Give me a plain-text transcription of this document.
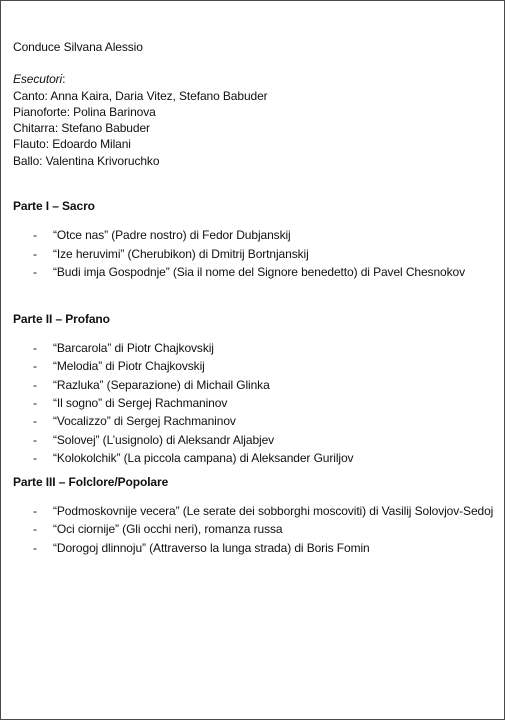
Conduce Silvana Alessio
Esecutori:
Canto: Anna Kaira, Daria Vitez, Stefano Babuder
Pianoforte: Polina Barinova
Chitarra: Stefano Babuder
Flauto: Edoardo Milani
Ballo: Valentina Krivoruchko
Parte I – Sacro
- “Otce nas” (Padre nostro) di Fedor Dubjanskij
- “Ize heruvimi” (Cherubikon) di Dmitrij Bortnjanskij
- “Budi imja Gospodnje” (Sia il nome del Signore benedetto) di Pavel Chesnokov
Parte II – Profano
- “Barcarola” di Piotr Chajkovskij
- “Melodia” di Piotr Chajkovskij
- “Razluka” (Separazione) di Michail Glinka
- “Il sogno” di Sergej Rachmaninov
- “Vocalizzo” di Sergej Rachmaninov
- “Solovej” (L’usignolo) di Aleksandr Aljabjev
- “Kolokolchik” (La piccola campana) di Aleksander Guriljov
Parte III – Folclore/Popolare
- “Podmoskovnije vecera” (Le serate dei sobborghi moscoviti) di Vasilij Solovjov-Sedoj
- “Oci ciornije” (Gli occhi neri), romanza russa
- “Dorogoj dlinnoju” (Attraverso la lunga strada) di Boris Fomin
